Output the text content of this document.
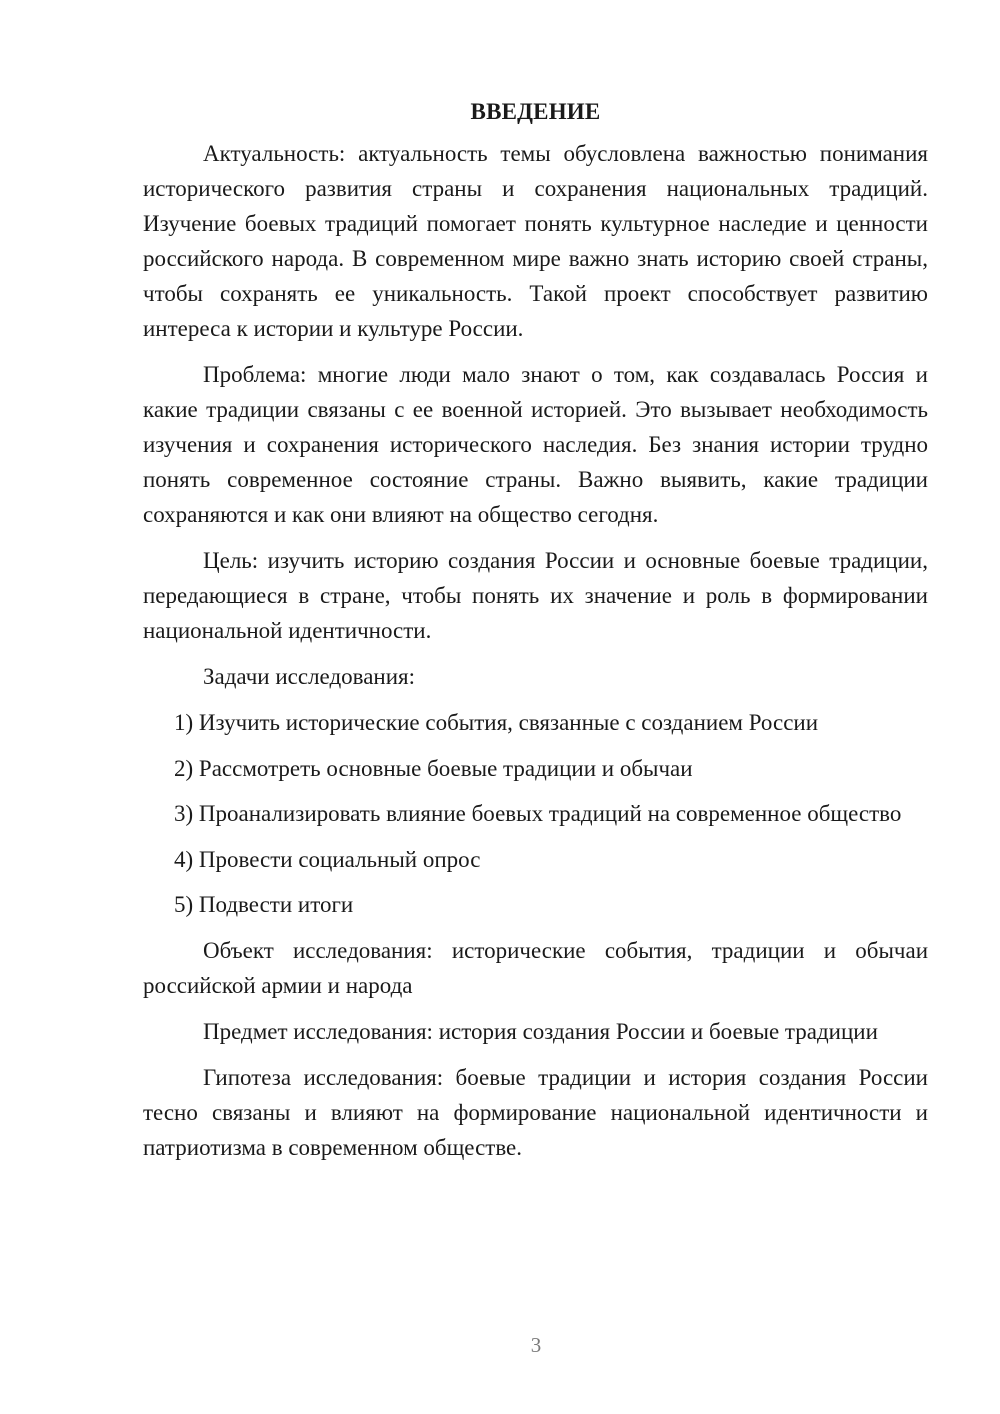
ВВЕДЕНИЕ

Актуальность: актуальность темы обусловлена важностью понимания исторического развития страны и сохранения национальных традиций. Изучение боевых традиций помогает понять культурное наследие и ценности российского народа. В современном мире важно знать историю своей страны, чтобы сохранять ее уникальность. Такой проект способствует развитию интереса к истории и культуре России.

Проблема: многие люди мало знают о том, как создавалась Россия и какие традиции связаны с ее военной историей. Это вызывает необходимость изучения и сохранения исторического наследия. Без знания истории трудно понять современное состояние страны. Важно выявить, какие традиции сохраняются и как они влияют на общество сегодня.

Цель: изучить историю создания России и основные боевые традиции, передающиеся в стране, чтобы понять их значение и роль в формировании национальной идентичности.

Задачи исследования:

1) Изучить исторические события, связанные с созданием России

2) Рассмотреть основные боевые традиции и обычаи

3) Проанализировать влияние боевых традиций на современное общество

4) Провести социальный опрос

5) Подвести итоги

Объект исследования: исторические события, традиции и обычаи российской армии и народа

Предмет исследования: история создания России и боевые традиции

Гипотеза исследования: боевые традиции и история создания России тесно связаны и влияют на формирование национальной идентичности и патриотизма в современном обществе.

3
